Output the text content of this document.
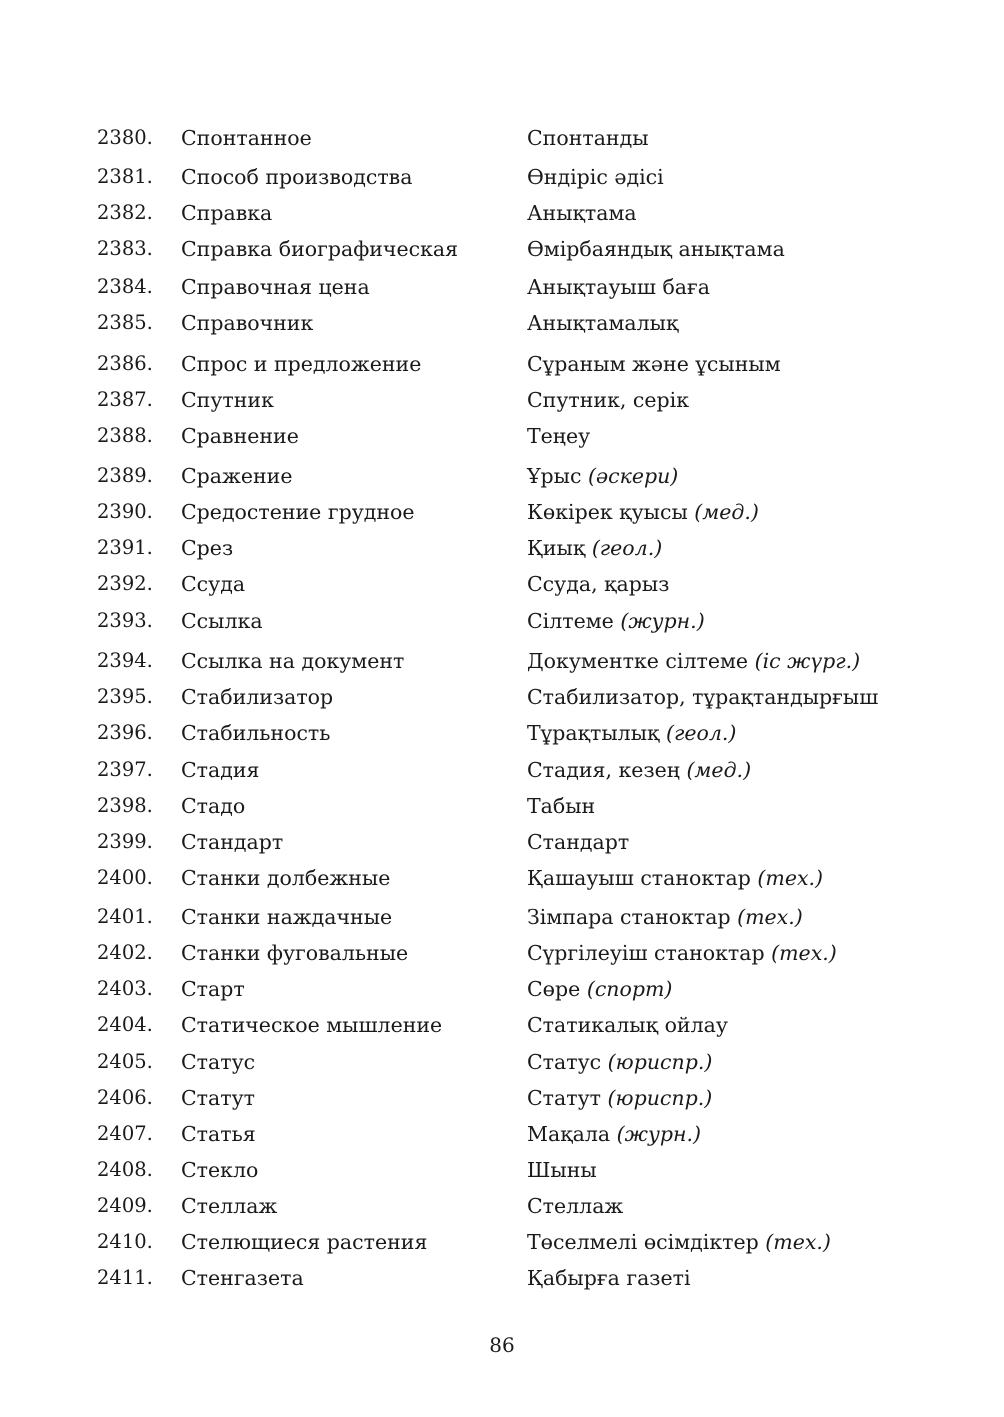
2380. Спонтанное	Спонтанды
2381. Способ производства	Өндіріс әдісі
2382. Справка	Анықтама
2383. Справка биографическая	Өмірбаяндық анықтама
2384. Справочная цена	Анықтауыш баға
2385. Справочник	Анықтамалық
2386. Спрос и предложение	Сұраным және ұсыным
2387. Спутник	Спутник, серік
2388. Сравнение	Теңеу
2389. Сражение	Ұрыс (әскери)
2390. Средостение грудное	Көкірек қуысы (мед.)
2391. Срез	Қиық (геол.)
2392. Ссуда	Ссуда, қарыз
2393. Ссылка	Сілтеме (журн.)
2394. Ссылка на документ	Документке сілтеме (іс жүрг.)
2395. Стабилизатор	Стабилизатор, тұрақтандырғыш
2396. Стабильность	Тұрақтылық (геол.)
2397. Стадия	Стадия, кезең (мед.)
2398. Стадо	Табын
2399. Стандарт	Стандарт
2400. Станки долбежные	Қашауыш станоктар (тех.)
2401. Станки наждачные	Зімпара станоктар (тех.)
2402. Станки фуговальные	Сүргілеуіш станоктар (тех.)
2403. Старт	Сөре (спорт)
2404. Статическое мышление	Статикалық ойлау
2405. Статус	Статус (юриспр.)
2406. Статут	Статут (юриспр.)
2407. Статья	Мақала (журн.)
2408. Стекло	Шыны
2409. Стеллаж	Стеллаж
2410. Стелющиеся растения	Төселмелі өсімдіктер (тех.)
2411. Стенгазета	Қабырға газеті
86
